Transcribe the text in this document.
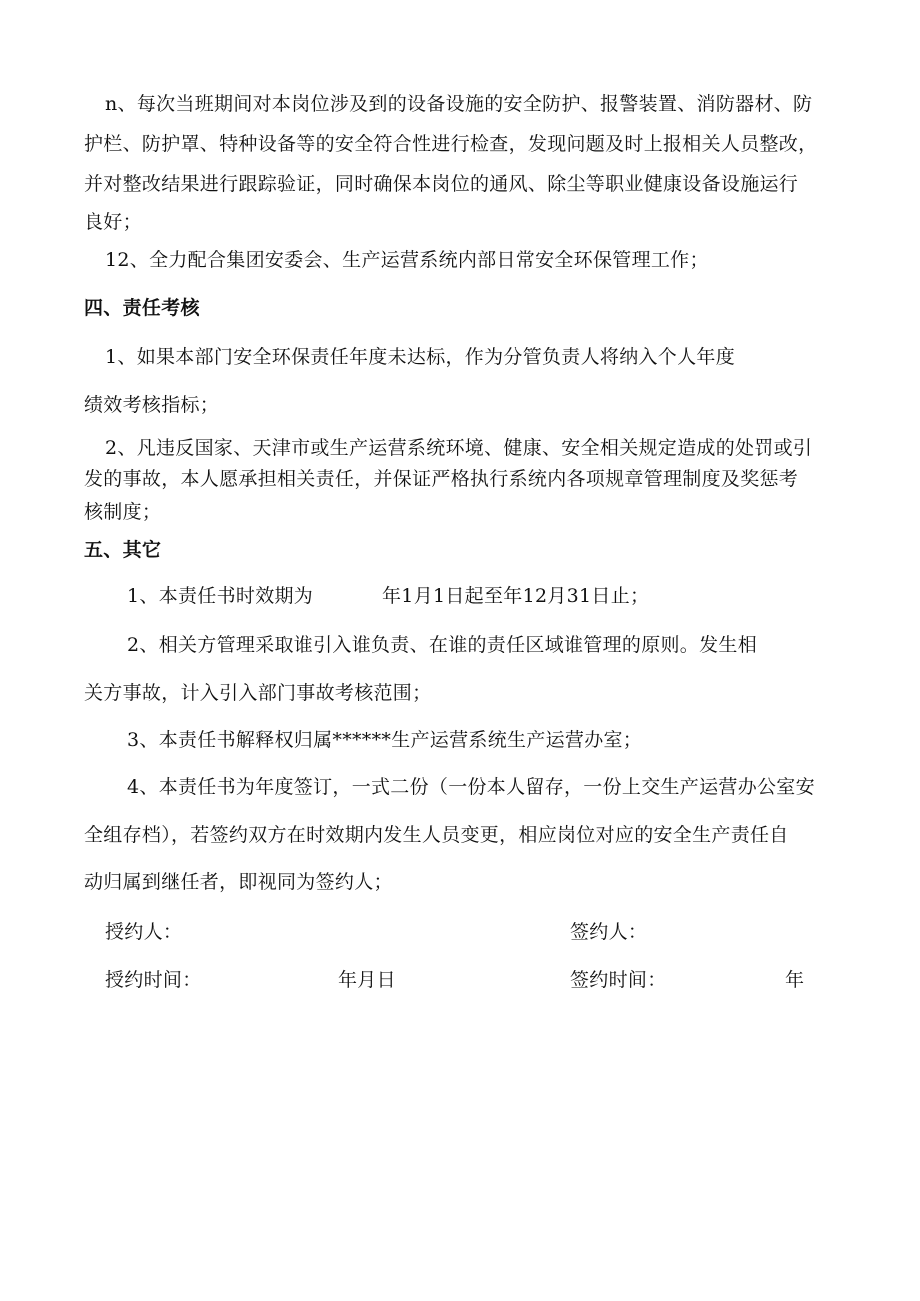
n、每次当班期间对本岗位涉及到的设备设施的安全防护、报警装置、消防器材、防
护栏、防护罩、特种设备等的安全符合性进行检查，发现问题及时上报相关人员整改，
并对整改结果进行跟踪验证，同时确保本岗位的通风、除尘等职业健康设备设施运行
良好；
12、全力配合集团安委会、生产运营系统内部日常安全环保管理工作；
四、责任考核
1、如果本部门安全环保责任年度未达标，作为分管负责人将纳入个人年度
绩效考核指标；
2、凡违反国家、天津市或生产运营系统环境、健康、安全相关规定造成的处罚或引
发的事故，本人愿承担相关责任，并保证严格执行系统内各项规章管理制度及奖惩考
核制度；
五、其它
1、本责任书时效期为	年1月1日起至年12月31日止；
2、相关方管理采取谁引入谁负责、在谁的责任区域谁管理的原则。发生相
关方事故，计入引入部门事故考核范围；
3、本责任书解释权归属******生产运营系统生产运营办室；
4、本责任书为年度签订，一式二份（一份本人留存，一份上交生产运营办公室安
全组存档），若签约双方在时效期内发生人员变更，相应岗位对应的安全生产责任自
动归属到继任者，即视同为签约人；
授约人：	签约人：
授约时间：	年月日	签约时间：	年
